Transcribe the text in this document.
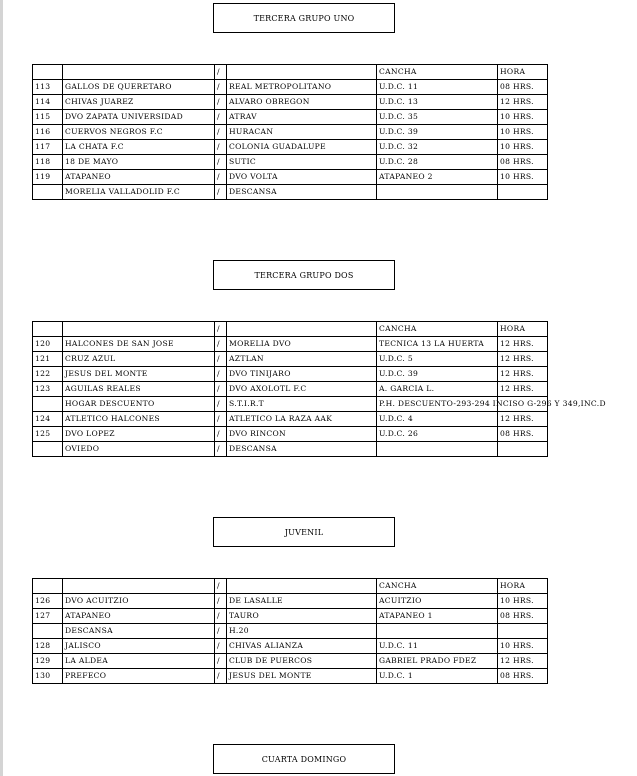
TERCERA GRUPO UNO
		/		CANCHA	HORA
113	GALLOS DE QUERETARO	/	REAL METROPOLITANO	U.D.C. 11	08 HRS.
114	CHIVAS JUAREZ	/	ALVARO OBREGON	U.D.C. 13	12 HRS.
115	DVO ZAPATA UNIVERSIDAD	/	ATRAV	U.D.C. 35	10 HRS.
116	CUERVOS NEGROS F.C	/	HURACAN	U.D.C. 39	10 HRS.
117	LA CHATA F.C	/	COLONIA GUADALUPE	U.D.C. 32	10 HRS.
118	18 DE MAYO	/	SUTIC	U.D.C. 28	08 HRS.
119	ATAPANEO	/	DVO VOLTA	ATAPANEO 2	10 HRS.
	MORELIA VALLADOLID F.C	/	DESCANSA		
TERCERA GRUPO DOS
		/		CANCHA	HORA
120	HALCONES DE SAN JOSE	/	MORELIA DVO	TECNICA 13 LA HUERTA	12 HRS.
121	CRUZ AZUL	/	AZTLAN	U.D.C. 5	12 HRS.
122	JESUS DEL MONTE	/	DVO TINIJARO	U.D.C. 39	12 HRS.
123	AGUILAS REALES	/	DVO AXOLOTL F.C	A. GARCIA L.	12 HRS.
	HOGAR DESCUENTO	/	S.T.I.R.T	P.H. DESCUENTO-293-294 INCISO G-296 Y 349,INC.D	
124	ATLETICO HALCONES	/	ATLETICO LA RAZA AAK	U.D.C. 4	12 HRS.
125	DVO LOPEZ	/	DVO RINCON	U.D.C. 26	08 HRS.
	OVIEDO	/	DESCANSA		
JUVENIL
		/		CANCHA	HORA
126	DVO ACUITZIO	/	DE LASALLE	ACUITZIO	10 HRS.
127	ATAPANEO	/	TAURO	ATAPANEO 1	08 HRS.
	DESCANSA	/	H.20		
128	JALISCO	/	CHIVAS ALIANZA	U.D.C. 11	10 HRS.
129	LA ALDEA	/	CLUB DE PUERCOS	GABRIEL PRADO FDEZ	12 HRS.
130	PREFECO	/	JESUS DEL MONTE	U.D.C. 1	08 HRS.
CUARTA DOMINGO
